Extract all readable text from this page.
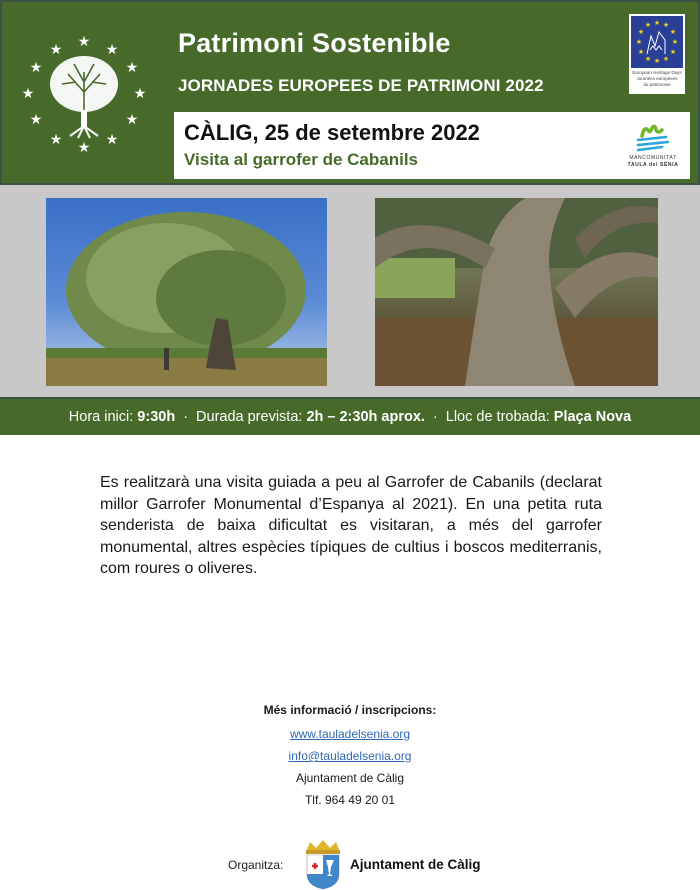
★ ★
★
★
★
★
★
★
★
★
★
★	Patrimoni Sostenible
JORNADES EUROPEES DE PATRIMONI 2022
★ ★
★
★
★
★
★
★
★
★
★
★
European Heritage Days
Journées européens
du patrimoine
CÀLIG, 25 de setembre 2022
Visita al garrofer de Cabanils	MANCOMUNITAT
TAULA del SÉNIA
Hora inici: 9:30h · Durada prevista: 2h – 2:30h aprox. · Lloc de trobada: Plaça Nova

Es realitzarà una visita guiada a peu al Garrofer de Cabanils (declarat millor Garrofer Monumental d’Espanya al 2021). En una petita ruta senderista de baixa dificultat es visitaran, a més del garrofer monumental, altres espècies típiques de cultius i boscos mediterranis, com roures o oliveres.

Més informació / inscripcions:
www.tauladelsenia.org
info@tauladelsenia.org
Ajuntament de Càlig
Tlf. 964 49 20 01
Organitza:	Ajuntament de Càlig
